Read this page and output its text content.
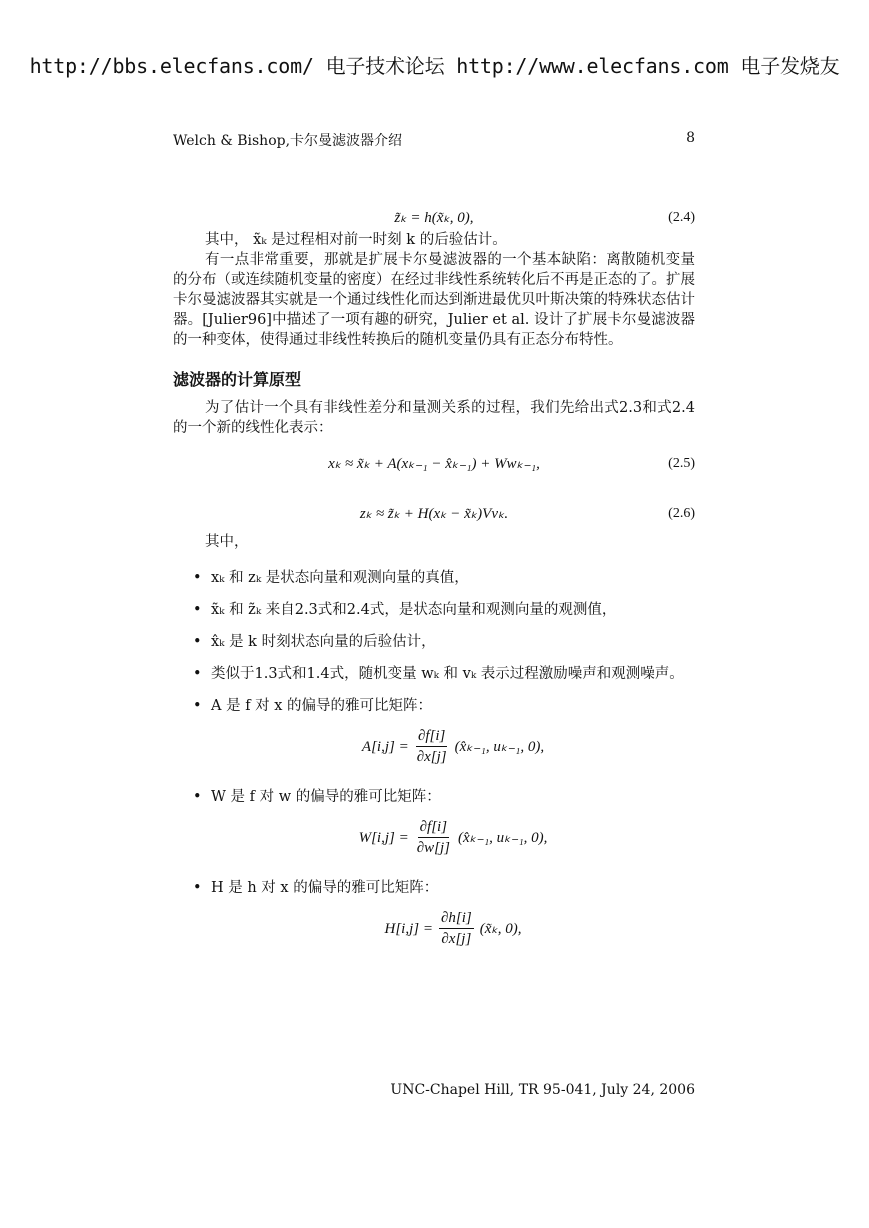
http://bbs.elecfans.com/ 电子技术论坛 http://www.elecfans.com 电子发烧友
Welch & Bishop,卡尔曼滤波器介绍	8
z̃ₖ = h(x̃ₖ, 0),	(2.4)

其中， x̃ₖ 是过程相对前一时刻 k 的后验估计。

有一点非常重要，那就是扩展卡尔曼滤波器的一个基本缺陷：离散随机变量的分布（或连续随机变量的密度）在经过非线性系统转化后不再是正态的了。扩展卡尔曼滤波器其实就是一个通过线性化而达到渐进最优贝叶斯决策的特殊状态估计器。[Julier96]中描述了一项有趣的研究，Julier et al. 设计了扩展卡尔曼滤波器的一种变体，使得通过非线性转换后的随机变量仍具有正态分布特性。

滤波器的计算原型

为了估计一个具有非线性差分和量测关系的过程，我们先给出式2.3和式2.4的一个新的线性化表示：

xₖ ≈ x̃ₖ + A(xₖ₋₁ − x̂ₖ₋₁) + Wwₖ₋₁,	(2.5)
zₖ ≈ z̃ₖ + H(xₖ − x̃ₖ)Vvₖ.	(2.6)

其中，

• xₖ 和 zₖ 是状态向量和观测向量的真值，
• x̃ₖ 和 z̃ₖ 来自2.3式和2.4式，是状态向量和观测向量的观测值，
• x̂ₖ 是 k 时刻状态向量的后验估计，
• 类似于1.3式和1.4式，随机变量 wₖ 和 vₖ 表示过程激励噪声和观测噪声。
• A 是 f 对 x 的偏导的雅可比矩阵：
$A[i,j] = \frac{\partial f[i]}{\partial x[j]}$ (x̂ₖ₋₁, uₖ₋₁, 0),
• W 是 f 对 w 的偏导的雅可比矩阵：
$W[i,j] = \frac{\partial f[i]}{\partial w[j]}$ (x̂ₖ₋₁, uₖ₋₁, 0),
• H 是 h 对 x 的偏导的雅可比矩阵：
$H[i,j] = \frac{\partial h[i]}{\partial x[j]}$ (x̃ₖ, 0),
UNC-Chapel Hill, TR 95-041, July 24, 2006
